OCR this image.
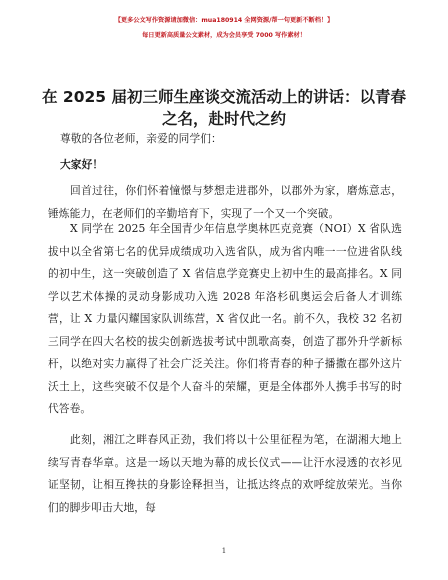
【更多公文写作资源请加微信：mua180914 全网资源/帮一句更新不断档！】
每日更新高质量公文素材，成为会员享受 7000 写作素材！
在 2025 届初三师生座谈交流活动上的讲话：以青春之名，赴时代之约
尊敬的各位老师，亲爱的同学们：
大家好！
回首过往，你们怀着憧憬与梦想走进郡外，以郡外为家，磨炼意志，锤炼能力，在老师们的辛勤培育下，实现了一个又一个突破。
X 同学在 2025 年全国青少年信息学奥林匹克竞赛（NOI）X 省队选拔中以全省第七名的优异成绩成功入选省队，成为省内唯一一位进省队线的初中生，这一突破创造了 X 省信息学竞赛史上初中生的最高排名。X 同学以艺术体操的灵动身影成功入选 2028 年洛杉矶奥运会后备人才训练营，让 X 力量闪耀国家队训练营，X 省仅此一名。前不久，我校 32 名初三同学在四大名校的拔尖创新选拔考试中凯歌高奏，创造了郡外升学新标杆，以绝对实力赢得了社会广泛关注。你们将青春的种子播撒在郡外这片沃土上，这些突破不仅是个人奋斗的荣耀，更是全体郡外人携手书写的时代答卷。
此刻，湘江之畔春风正劲，我们将以十公里征程为笔，在湖湘大地上续写青春华章。这是一场以天地为幕的成长仪式——让汗水浸透的衣衫见证坚韧，让相互搀扶的身影诠释担当，让抵达终点的欢呼绽放荣光。当你们的脚步叩击大地，每
1
